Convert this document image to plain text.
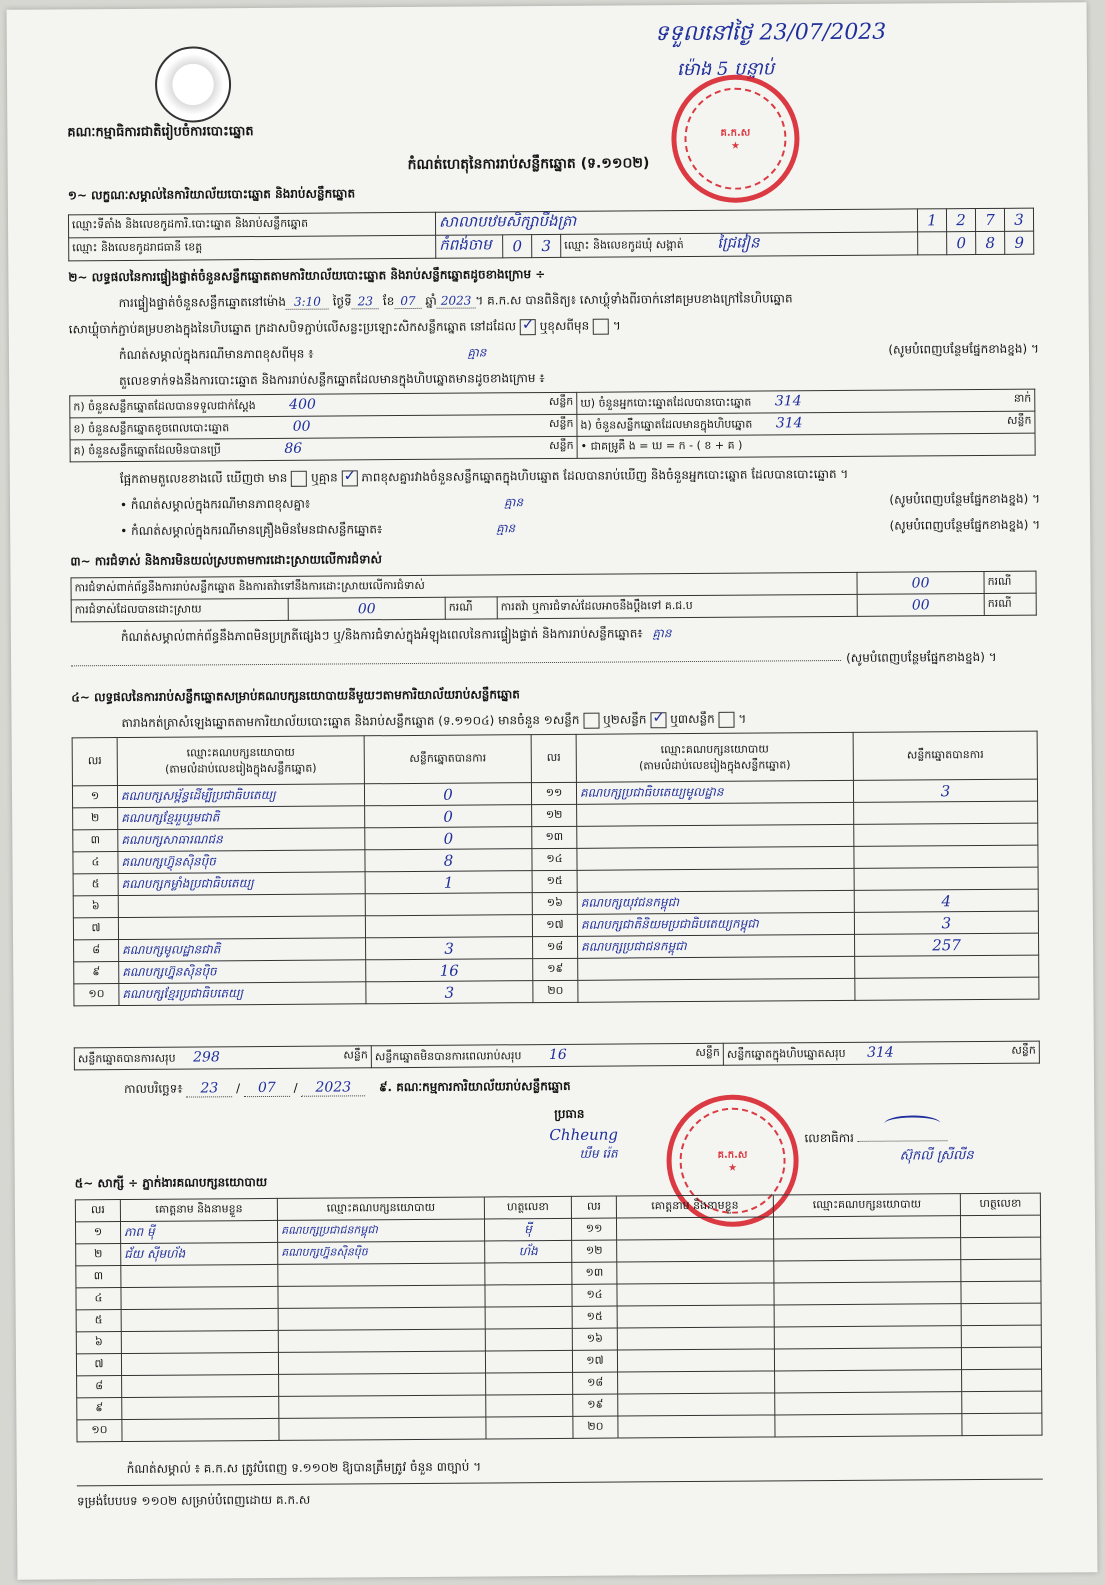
គណៈកម្មាធិការជាតិរៀបចំការបោះឆ្នោត
ទទួលនៅថ្ងៃ 23/07/2023
ម៉ោង 5 បន្ទាប់
គ.ក.ស
★
កំណត់ហេតុនៃការរាប់សន្លឹកឆ្នោត (ទ.១១០២)
១~ លក្ខណៈសម្គាល់នៃការិយាល័យបោះឆ្នោត និងរាប់សន្លឹកឆ្នោត
ឈ្មោះទីតាំង និងលេខកូដការិ.បោះឆ្នោត និងរាប់សន្លឹកឆ្នោត	សាលាបឋមសិក្សាបឹងត្រា				1	2	7	3
ឈ្មោះ និងលេខកូដរាជធានី ខេត្ត	កំពង់ចាម	0	3	ឈ្មោះ និងលេខកូដឃុំ សង្កាត់ ជ្រៃវៀន		0	8	9
២~ លទ្ធផលនៃការផ្ទៀងផ្ទាត់ចំនួនសន្លឹកឆ្នោតតាមការិយាល័យបោះឆ្នោត និងរាប់សន្លឹកឆ្នោតដូចខាងក្រោម ÷
ការផ្ទៀងផ្ទាត់ចំនួនសន្លឹកឆ្នោតនៅម៉ោង 3:10 ថ្ងៃទី 23 ខែ 07 ឆ្នាំ 2023 ។ គ.ក.ស បានពិនិត្យ៖ សោឃ្លុំទាំងពីរចាក់នៅគម្របខាងក្រៅនៃហិបឆ្នោត
សោឃ្លុំចាក់ភ្ជាប់គម្របខាងក្នុងនៃហិបឆ្នោត ក្រដាសបិទភ្ជាប់លើសន្លះប្រឡោះសិកសន្លឹកឆ្នោត នៅដដែល ✓ ឬខុសពីមុន  ។
កំណត់សម្គាល់ក្នុងករណីមានភាពខុសពីមុន ៖	គ្មាន	(សូមបំពេញបន្ថែមផ្នែកខាងខ្នង) ។
តួលេខទាក់ទងនឹងការបោះឆ្នោត និងការរាប់សន្លឹកឆ្នោតដែលមានក្នុងហិបឆ្នោតមានដូចខាងក្រោម ៖
ក) ចំនួនសន្លឹកឆ្នោតដែលបានទទួលជាក់ស្តែង 400 សន្លឹក	ឃ) ចំនួនអ្នកបោះឆ្នោតដែលបានបោះឆ្នោត 314 នាក់

ខ) ចំនួនសន្លឹកឆ្នោតខូចពេលបោះឆ្នោត 00 សន្លឹក	ង) ចំនួនសន្លឹកឆ្នោតដែលមានក្នុងហិបឆ្នោត 314 សន្លឹក

គ) ចំនួនសន្លឹកឆ្នោតដែលមិនបានប្រើ 86 សន្លឹក	• ជាគម្រូគឺ ង = ឃ = ក - ( ខ + គ )
ផ្អែកតាមតួលេខខាងលើ ឃើញថា មាន ឬគ្មាន ✓ ភាពខុសគ្នារវាងចំនួនសន្លឹកឆ្នោតក្នុងហិបឆ្នោត ដែលបានរាប់ឃើញ និងចំនួនអ្នកបោះឆ្នោត ដែលបានបោះឆ្នោត ។
• កំណត់សម្គាល់ក្នុងករណីមានភាពខុសគ្នា៖	គ្មាន	(សូមបំពេញបន្ថែមផ្នែកខាងខ្នង) ។
• កំណត់សម្គាល់ក្នុងករណីមានគ្រឿងមិនមែនជាសន្លឹកឆ្នោត៖	គ្មាន	(សូមបំពេញបន្ថែមផ្នែកខាងខ្នង) ។
៣~ ការជំទាស់ និងការមិនយល់ស្របតាមការដោះស្រាយលើការជំទាស់
ការជំទាស់ពាក់ព័ន្ធនឹងការរាប់សន្លឹកឆ្នោត និងការតវ៉ាទៅនឹងការដោះស្រាយលើការជំទាស់				00	ករណី
ការជំទាស់ដែលបានដោះស្រាយ	00	ករណី	ការតវ៉ា ឬការជំទាស់ដែលអាចនឹងប្តឹងទៅ គ.ជ.ប	00	ករណី
កំណត់សម្គាល់ពាក់ព័ន្ធនឹងភាពមិនប្រក្រតីផ្សេងៗ ឬ/និងការជំទាស់ក្នុងអំឡុងពេលនៃការផ្ទៀងផ្ទាត់ និងការរាប់សន្លឹកឆ្នោត៖ គ្មាន
(សូមបំពេញបន្ថែមផ្នែកខាងខ្នង) ។
៤~ លទ្ធផលនៃការរាប់សន្លឹកឆ្នោតសម្រាប់គណបក្សនយោបាយនីមួយៗតាមការិយាល័យរាប់សន្លឹកឆ្នោត
តារាងកត់ត្រាសំឡេងឆ្នោតតាមការិយាល័យបោះឆ្នោត និងរាប់សន្លឹកឆ្នោត (ទ.១១០៤) មានចំនួន ១សន្លឹក ឬ២សន្លឹក ✓ ឬ៣សន្លឹក  ។
លរ	ឈ្មោះគណបក្សនយោបាយ
(តាមលំដាប់លេខរៀងក្នុងសន្លឹកឆ្នោត)	សន្លឹកឆ្នោតបានការ	លរ	ឈ្មោះគណបក្សនយោបាយ
(តាមលំដាប់លេខរៀងក្នុងសន្លឹកឆ្នោត)	សន្លឹកឆ្នោតបានការ
១	គណបក្សសម្ព័ន្ធដើម្បីប្រជាធិបតេយ្យ	0	១១	គណបក្សប្រជាធិបតេយ្យមូលដ្ឋាន	3
២	គណបក្សខ្មែររួបរួមជាតិ	0	១២		
៣	គណបក្សសាធារណជន	0	១៣		
៤	គណបក្សហ៊្វុនស៊ិនប៉ិច	8	១៤		
៥	គណបក្សកម្លាំងប្រជាធិបតេយ្យ	1	១៥		
៦			១៦	គណបក្សយុវជនកម្ពុជា	4
៧			១៧	គណបក្សជាតិនិយមប្រជាធិបតេយ្យកម្ពុជា	3
៨	គណបក្សមូលដ្ឋានជាតិ	3	១៨	គណបក្សប្រជាជនកម្ពុជា	257
៩	គណបក្សហ្វ៊ុនស៊ិនប៉ិច	16	១៩		
១០	គណបក្សខ្មែរប្រជាធិបតេយ្យ	3	២០		
សន្លឹកឆ្នោតបានការសរុប 298	សន្លឹក	សន្លឹកឆ្នោតមិនបានការពេលរាប់សរុប 16	សន្លឹក	សន្លឹកឆ្នោតក្នុងហិបឆ្នោតសរុប 314	សន្លឹក
កាលបរិច្ឆេទ៖ 23 / 07 / 2023 ៩. គណៈកម្មការការិយាល័យរាប់សន្លឹកឆ្នោត
ប្រធាន
Chheung
ឃឹម រ៉េត	គ.ក.ស
★
លេខាធិការ
ស៊ុកលី ស្រីលីន
៥~ សាក្សី ÷ ភ្នាក់ងារគណបក្សនយោបាយ
លរ	គោត្តនាម និងនាមខ្លួន	ឈ្មោះគណបក្សនយោបាយ	ហត្ថលេខា	លរ	គោត្តនាម និងនាមខ្លួន	ឈ្មោះគណបក្សនយោបាយ	ហត្ថលេខា
១	ភាព ម៉ី	គណបក្សប្រជាជនកម្ពុជា	ម៉ី	១១			
២	ជ័យ សុីមហ័ង	គណបក្សហ្វ៊ុនស៊ិនប៉ិច	ហ័ង	១២			
៣				១៣			
៤				១៤			
៥				១៥			
៦				១៦			
៧				១៧			
៨				១៨			
៩				១៩			
១០				២០			
កំណត់សម្គាល់ ៖ គ.ក.ស ត្រូវបំពេញ ទ.១១០២ ឱ្យបានត្រឹមត្រូវ ចំនួន ៣ច្បាប់ ។
ទម្រង់បែបបទ ១១០២ សម្រាប់បំពេញដោយ គ.ក.ស
